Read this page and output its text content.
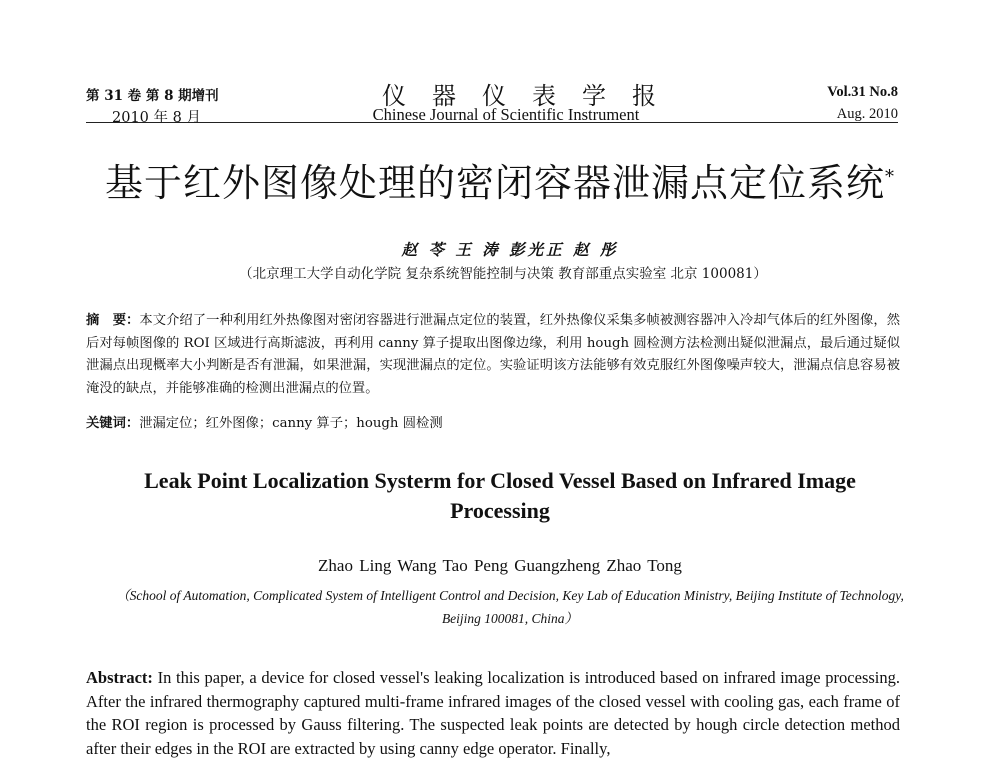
第 31 卷 第 8 期增刊
2010 年 8 月
仪器仪表学报
Chinese Journal of Scientific Instrument
Vol.31 No.8
Aug. 2010
基于红外图像处理的密闭容器泄漏点定位系统*
赵 苓 王 涛 彭光正 赵 彤
（北京理工大学自动化学院 复杂系统智能控制与决策 教育部重点实验室 北京 100081）
摘　要：本文介绍了一种利用红外热像图对密闭容器进行泄漏点定位的装置，红外热像仪采集多帧被测容器冲入冷却气体后的红外图像，然后对每帧图像的 ROI 区域进行高斯滤波，再利用 canny 算子提取出图像边缘，利用 hough 圆检测方法检测出疑似泄漏点，最后通过疑似泄漏点出现概率大小判断是否有泄漏，如果泄漏，实现泄漏点的定位。实验证明该方法能够有效克服红外图像噪声较大，泄漏点信息容易被淹没的缺点，并能够准确的检测出泄漏点的位置。
关键词：泄漏定位；红外图像；canny 算子；hough 圆检测
Leak Point Localization Systerm for Closed Vessel Based on Infrared Image Processing
Zhao Ling Wang Tao Peng Guangzheng Zhao Tong
（School of Automation, Complicated System of Intelligent Control and Decision, Key Lab of Education Ministry, Beijing Institute of Technology, Beijing 100081, China）
Abstract: In this paper, a device for closed vessel's leaking localization is introduced based on infrared image processing. After the infrared thermography captured multi-frame infrared images of the closed vessel with cooling gas, each frame of the ROI region is processed by Gauss filtering. The suspected leak points are detected by hough circle detection method after their edges in the ROI are extracted by using canny edge operator. Finally,
